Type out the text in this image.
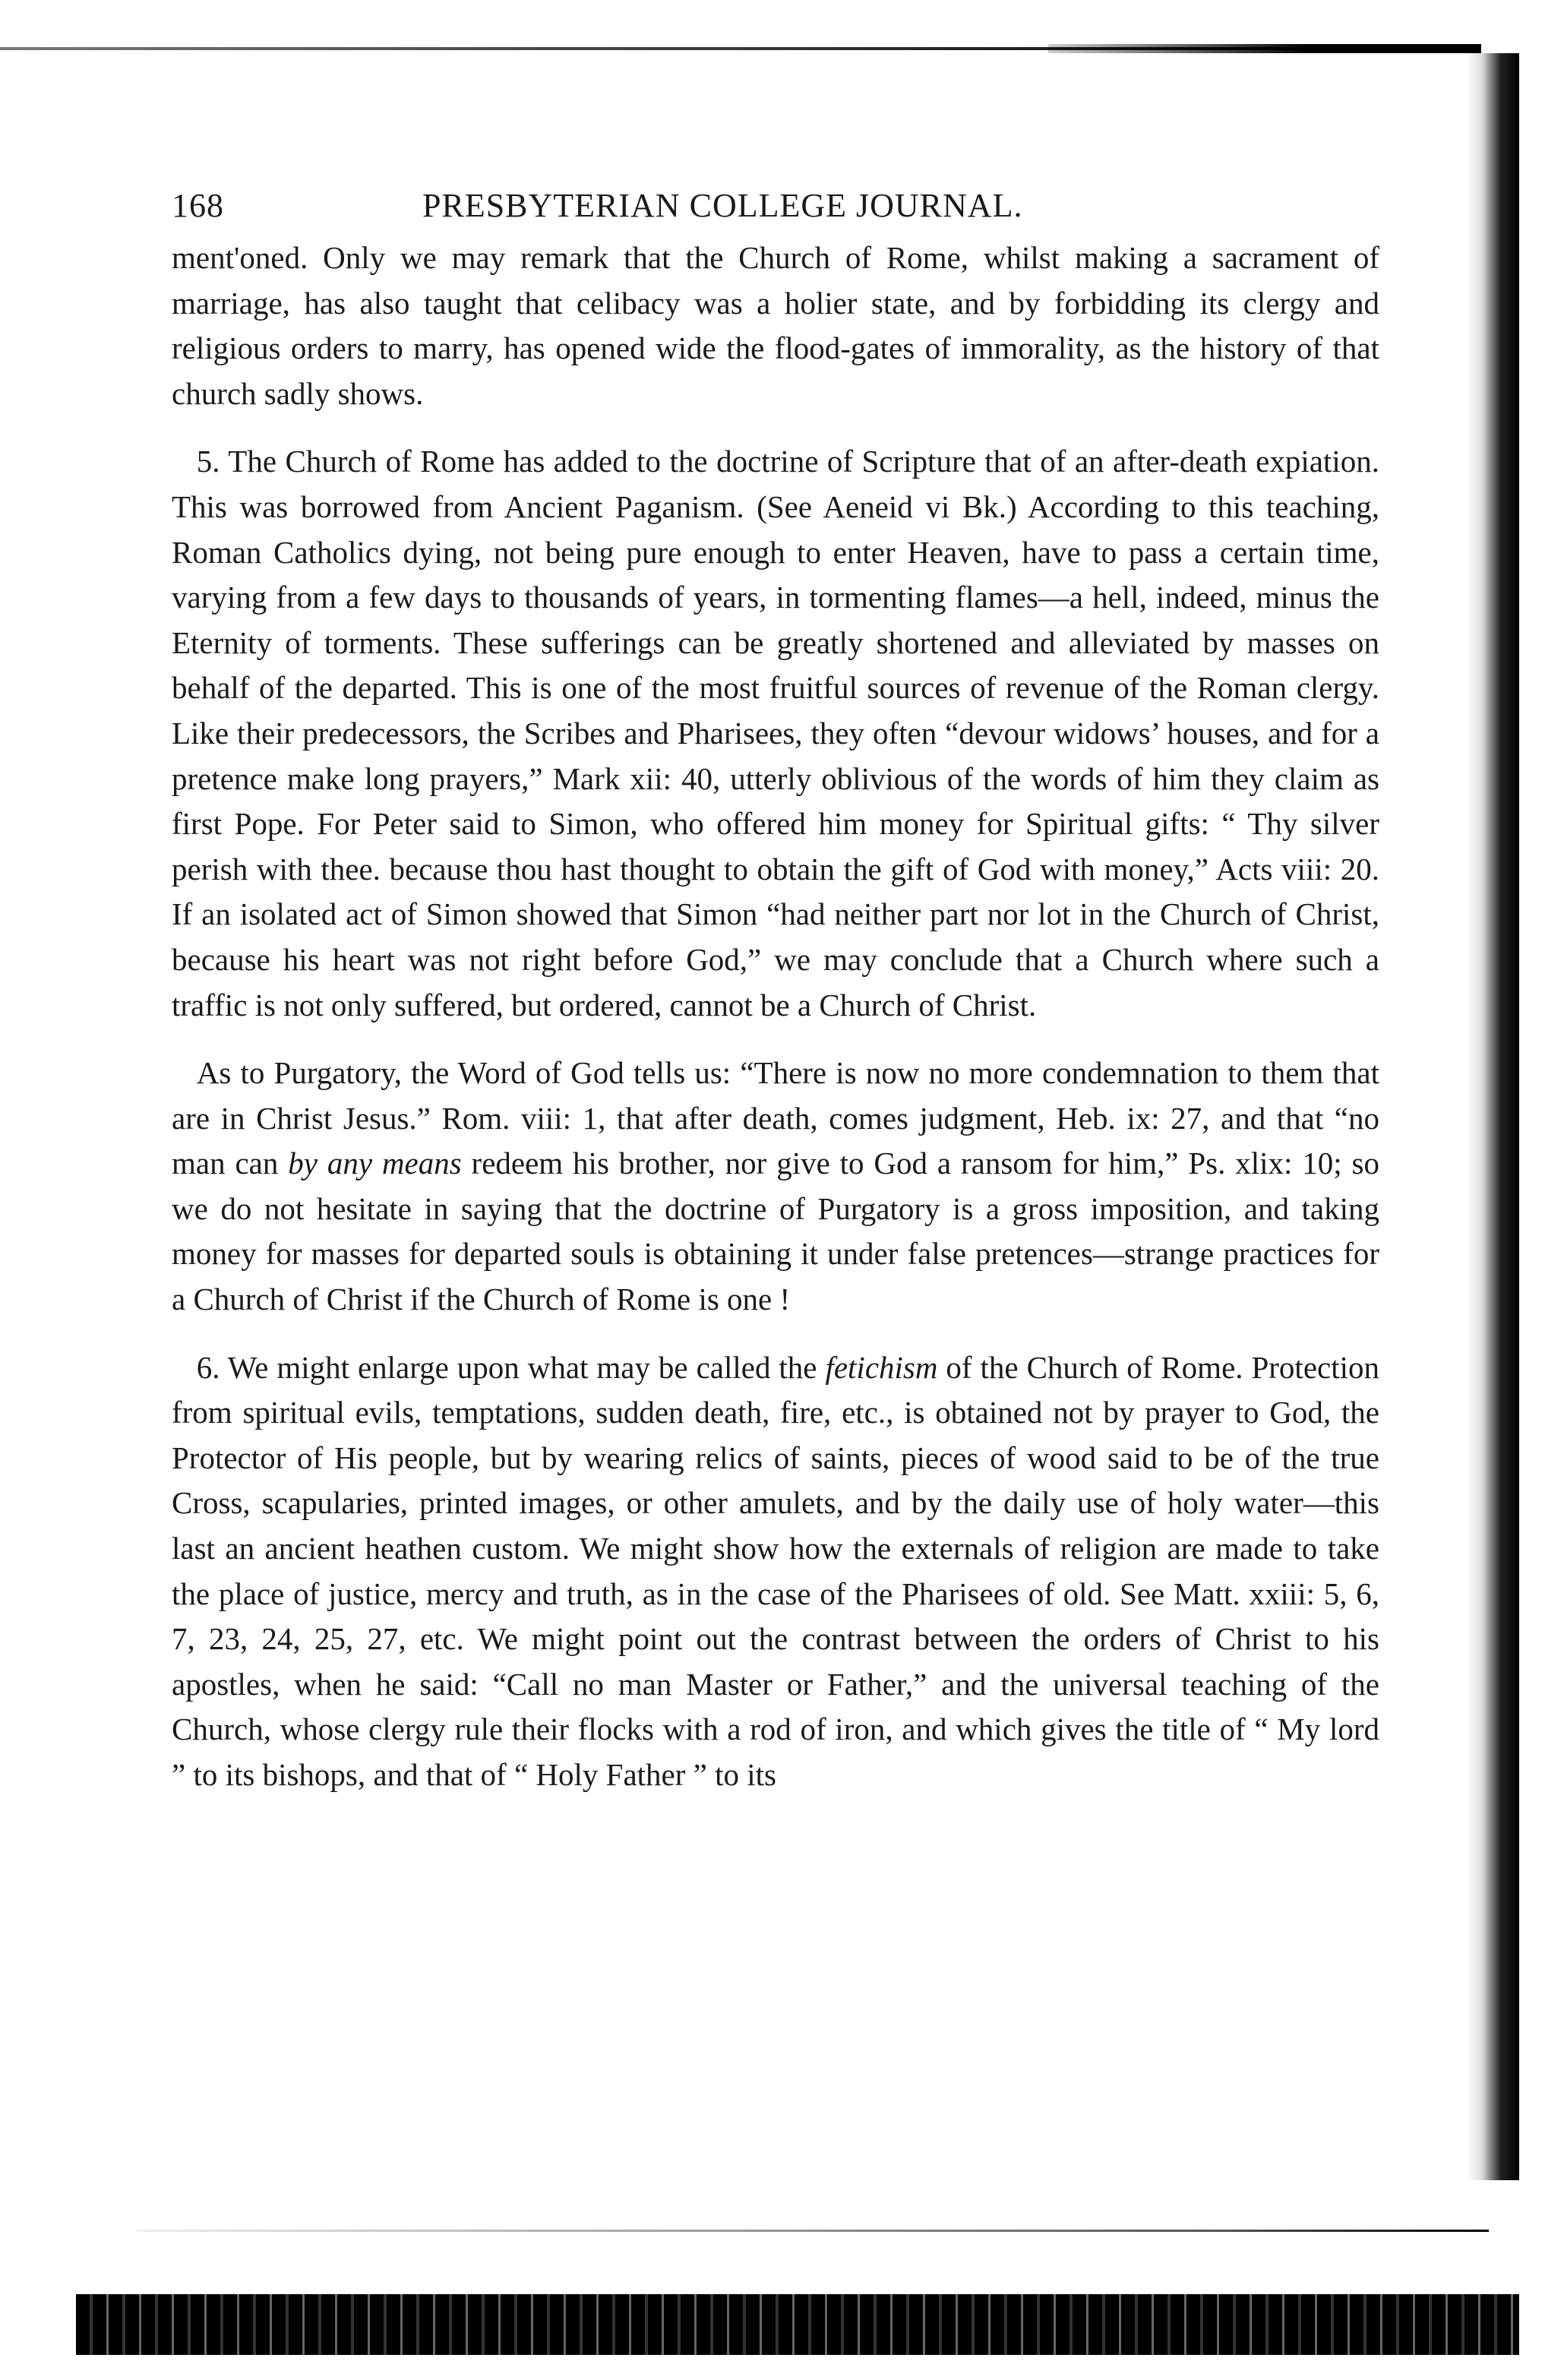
168	PRESBYTERIAN COLLEGE JOURNAL.

ment'oned. Only we may remark that the Church of Rome, whilst making a sacrament of marriage, has also taught that celibacy was a holier state, and by forbidding its clergy and religious orders to marry, has opened wide the flood-gates of immorality, as the history of that church sadly shows.

5. The Church of Rome has added to the doctrine of Scripture that of an after-death expiation. This was borrowed from Ancient Paganism. (See Aeneid vi Bk.) According to this teaching, Roman Catholics dying, not being pure enough to enter Heaven, have to pass a certain time, varying from a few days to thousands of years, in tormenting flames—a hell, indeed, minus the Eternity of torments. These sufferings can be greatly shortened and alleviated by masses on behalf of the departed. This is one of the most fruitful sources of revenue of the Roman clergy. Like their predecessors, the Scribes and Pharisees, they often “devour widows’ houses, and for a pretence make long prayers,” Mark xii: 40, utterly oblivious of the words of him they claim as first Pope. For Peter said to Simon, who offered him money for Spiritual gifts: “ Thy silver perish with thee. because thou hast thought to obtain the gift of God with money,” Acts viii: 20. If an isolated act of Simon showed that Simon “had neither part nor lot in the Church of Christ, because his heart was not right before God,” we may conclude that a Church where such a traffic is not only suffered, but ordered, cannot be a Church of Christ.

As to Purgatory, the Word of God tells us: “There is now no more condemnation to them that are in Christ Jesus.” Rom. viii: 1, that after death, comes judgment, Heb. ix: 27, and that “no man can by any means redeem his brother, nor give to God a ransom for him,” Ps. xlix: 10; so we do not hesitate in saying that the doctrine of Purgatory is a gross imposition, and taking money for masses for departed souls is obtaining it under false pretences—strange practices for a Church of Christ if the Church of Rome is one !

6. We might enlarge upon what may be called the fetichism of the Church of Rome. Protection from spiritual evils, temptations, sudden death, fire, etc., is obtained not by prayer to God, the Protector of His people, but by wearing relics of saints, pieces of wood said to be of the true Cross, scapularies, printed images, or other amulets, and by the daily use of holy water—this last an ancient heathen custom. We might show how the externals of religion are made to take the place of justice, mercy and truth, as in the case of the Pharisees of old. See Matt. xxiii: 5, 6, 7, 23, 24, 25, 27, etc. We might point out the contrast between the orders of Christ to his apostles, when he said: “Call no man Master or Father,” and the universal teaching of the Church, whose clergy rule their flocks with a rod of iron, and which gives the title of “ My lord ” to its bishops, and that of “ Holy Father ” to its
